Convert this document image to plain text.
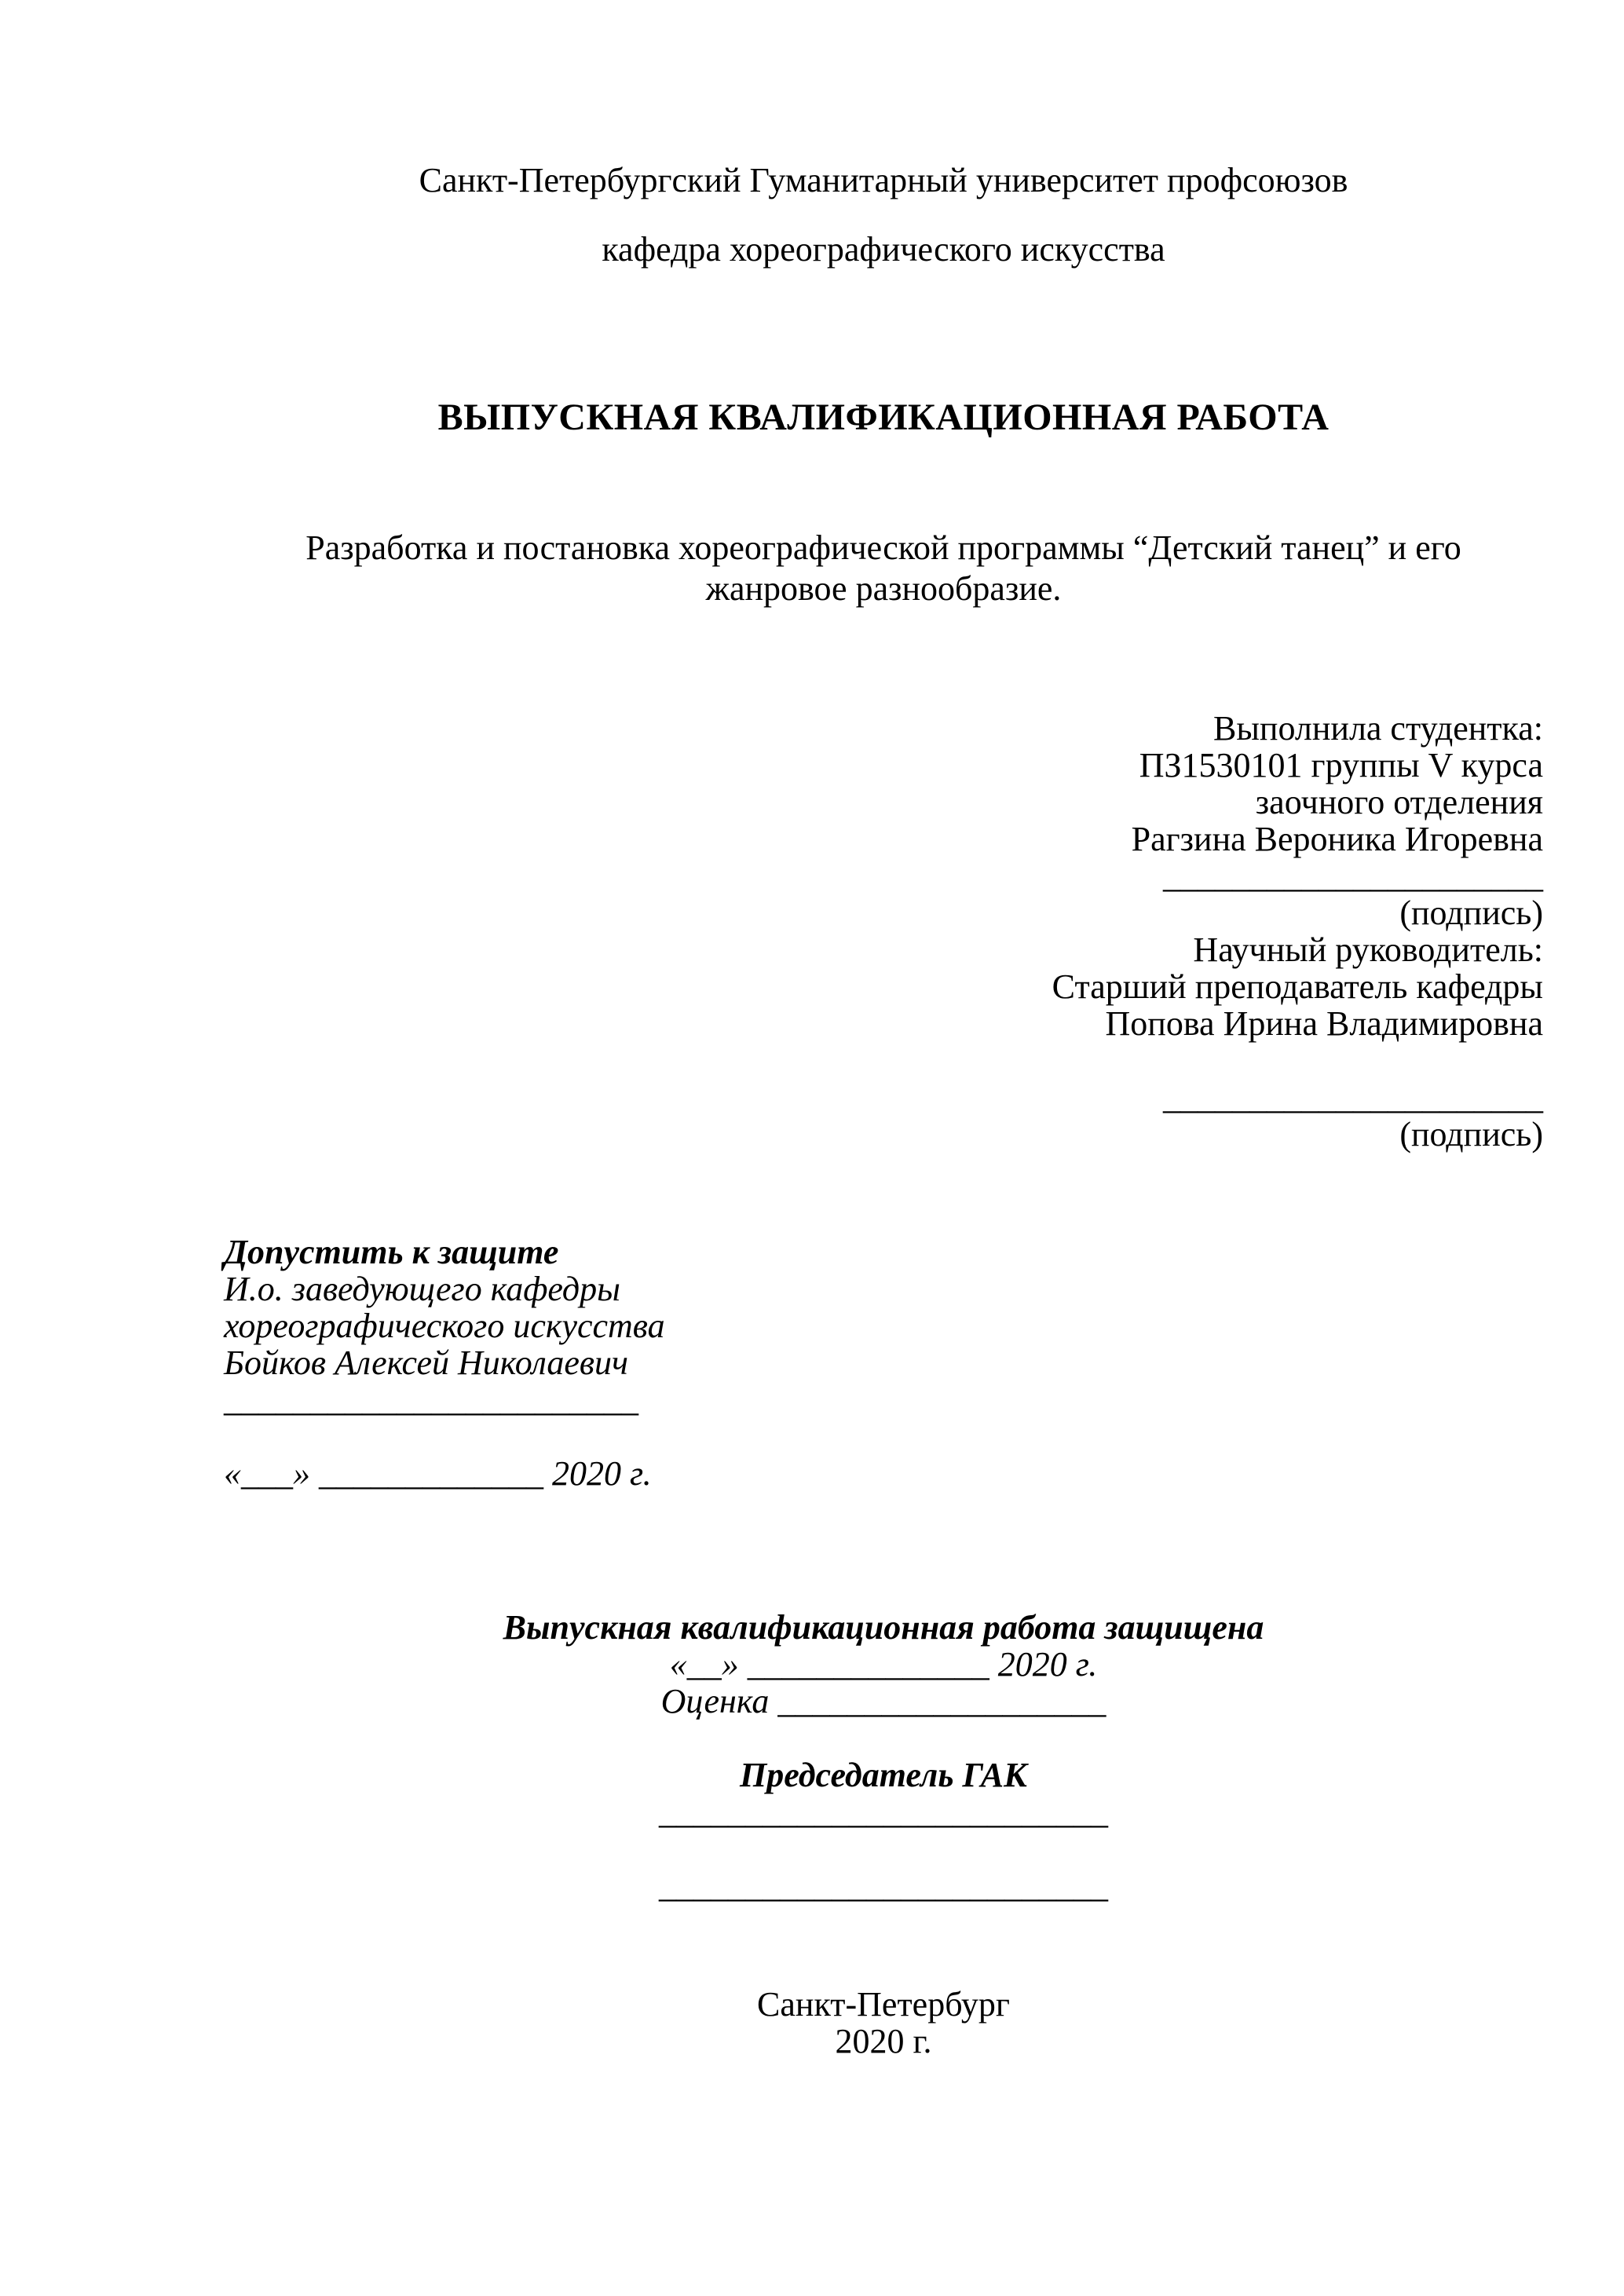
Санкт-Петербургский Гуманитарный университет профсоюзов
кафедра хореографического искусства
ВЫПУСКНАЯ КВАЛИФИКАЦИОННАЯ РАБОТА
Разработка и постановка хореографической программы “Детский танец” и его
жанровое разнообразие.
Выполнила студентка:
ПЗ1530101 группы V курса
заочного отделения
Рагзина Вероника Игоревна
______________________
(подпись)
Научный руководитель:
Старший преподаватель кафедры
Попова Ирина Владимировна
______________________
(подпись)
Допустить к защите
И.о. заведующего кафедры
хореографического искусства
Бойков Алексей Николаевич
________________________
«___» _____________ 2020 г.
Выпускная квалификационная работа защищена
«__» ______________ 2020 г.
Оценка ___________________
Председатель ГАК
__________________________
__________________________
Санкт-Петербург
2020 г.
